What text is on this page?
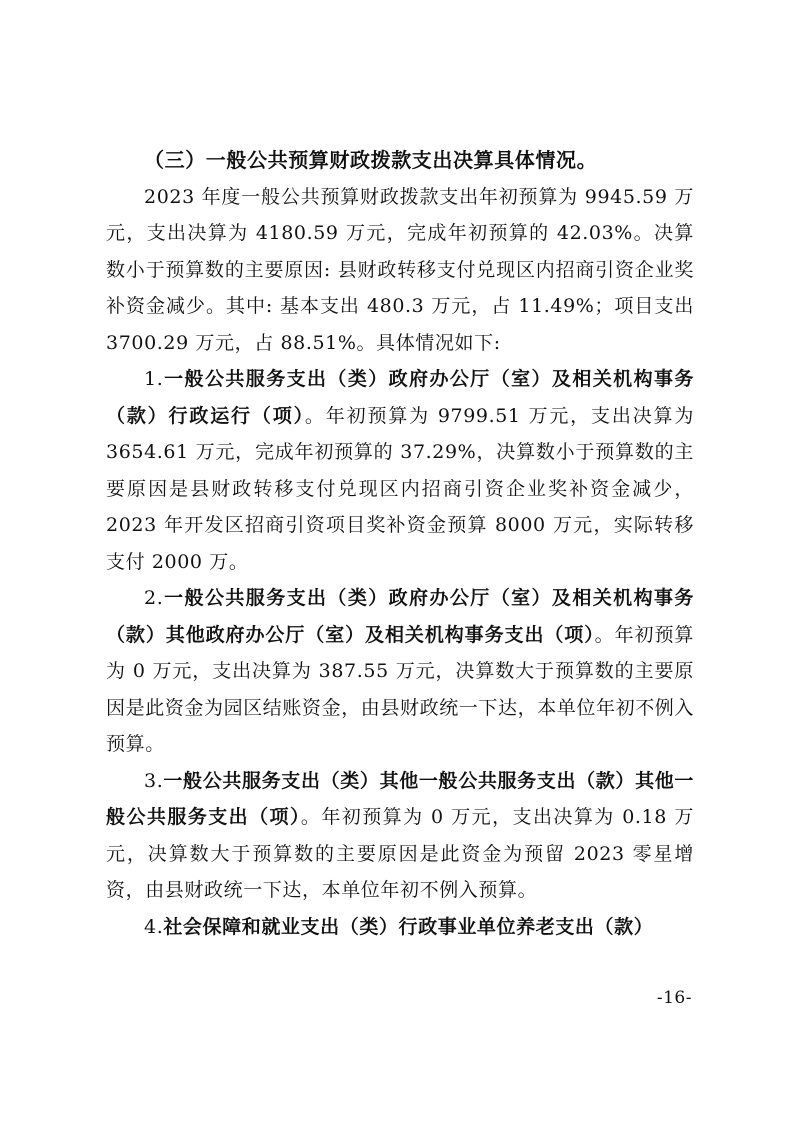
（三）一般公共预算财政拨款支出决算具体情况。

2023 年度一般公共预算财政拨款支出年初预算为 9945.59 万元，支出决算为 4180.59 万元，完成年初预算的 42.03%。决算数小于预算数的主要原因: 县财政转移支付兑现区内招商引资企业奖补资金减少。其中: 基本支出 480.3 万元，占 11.49%；项目支出 3700.29 万元，占 88.51%。具体情况如下:

1.一般公共服务支出（类）政府办公厅（室）及相关机构事务（款）行政运行（项）。年初预算为 9799.51 万元，支出决算为 3654.61 万元，完成年初预算的 37.29%，决算数小于预算数的主要原因是县财政转移支付兑现区内招商引资企业奖补资金减少，2023 年开发区招商引资项目奖补资金预算 8000 万元，实际转移支付 2000 万。

2.一般公共服务支出（类）政府办公厅（室）及相关机构事务（款）其他政府办公厅（室）及相关机构事务支出（项）。年初预算为 0 万元，支出决算为 387.55 万元，决算数大于预算数的主要原因是此资金为园区结账资金，由县财政统一下达，本单位年初不例入预算。

3.一般公共服务支出（类）其他一般公共服务支出（款）其他一般公共服务支出（项）。年初预算为 0 万元，支出决算为 0.18 万元，决算数大于预算数的主要原因是此资金为预留 2023 零星增资，由县财政统一下达，本单位年初不例入预算。

4.社会保障和就业支出（类）行政事业单位养老支出（款）

-16-
